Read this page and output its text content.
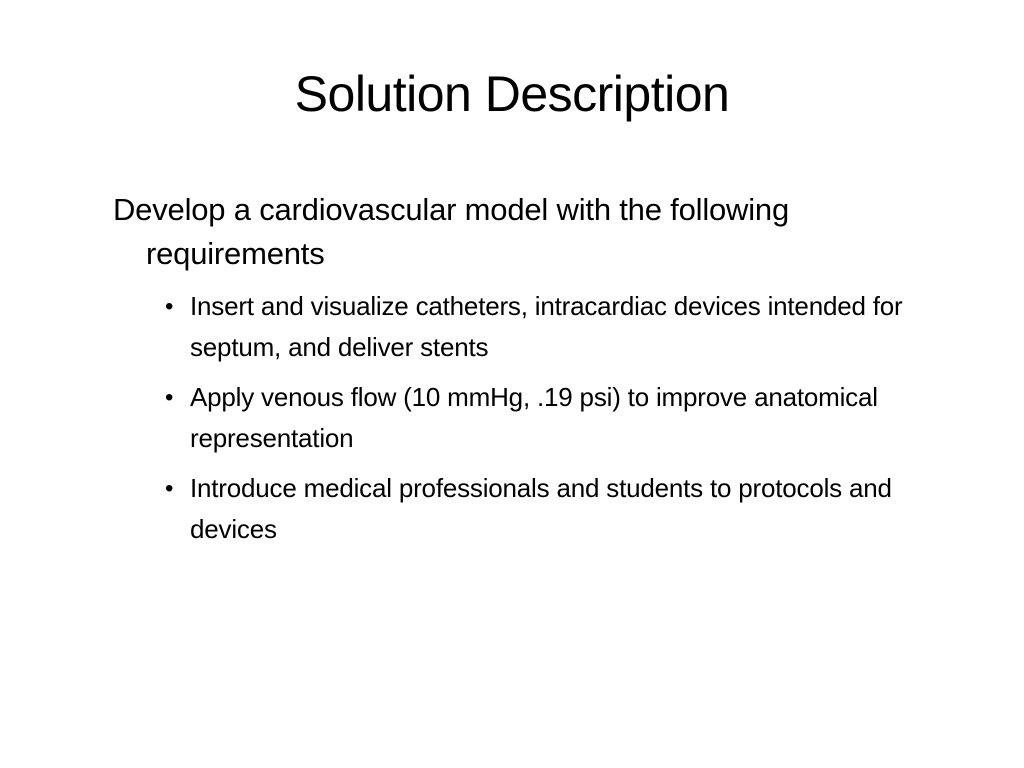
Solution Description

Develop a cardiovascular model with the following requirements

• Insert and visualize catheters, intracardiac devices intended for septum, and deliver stents
• Apply venous flow (10 mmHg, .19 psi) to improve anatomical representation
• Introduce medical professionals and students to protocols and devices
